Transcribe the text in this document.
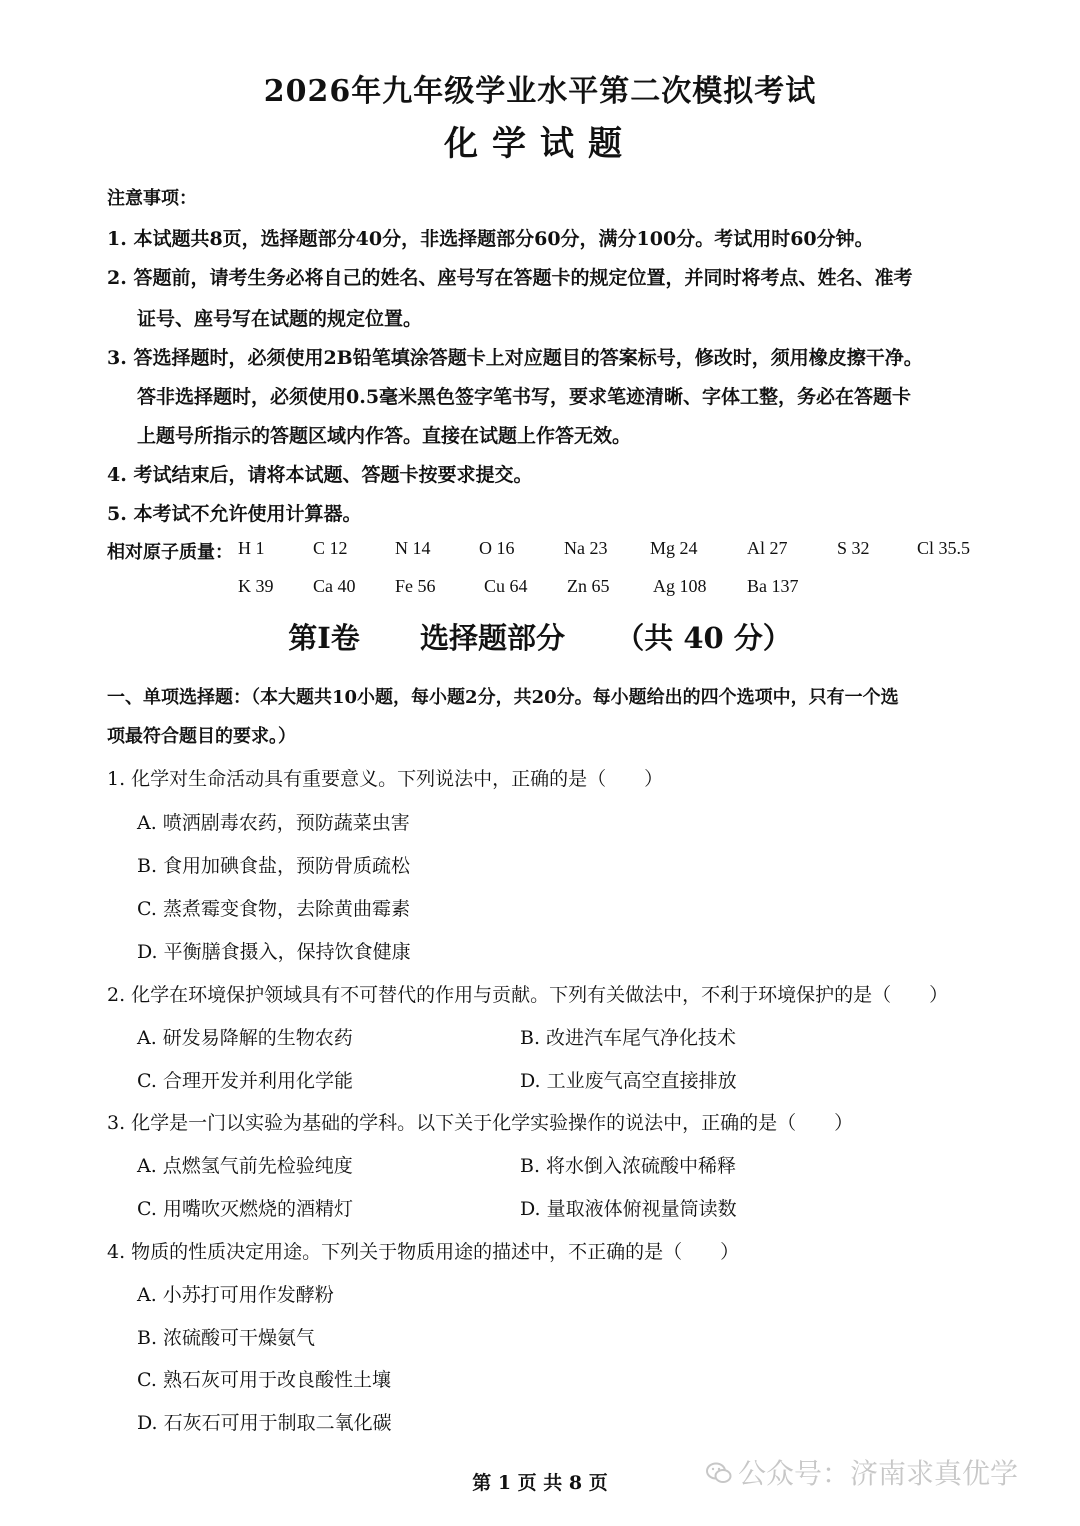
2026年九年级学业水平第二次模拟考试
化学试题
注意事项：
1. 本试题共8页，选择题部分40分，非选择题部分60分，满分100分。考试用时60分钟。
2. 答题前，请考生务必将自己的姓名、座号写在答题卡的规定位置，并同时将考点、姓名、准考
证号、座号写在试题的规定位置。
3. 答选择题时，必须使用2B铅笔填涂答题卡上对应题目的答案标号，修改时，须用橡皮擦干净。
答非选择题时，必须使用0.5毫米黑色签字笔书写，要求笔迹清晰、字体工整，务必在答题卡
上题号所指示的答题区域内作答。直接在试题上作答无效。
4. 考试结束后，请将本试题、答题卡按要求提交。
5. 本考试不允许使用计算器。
相对原子质量： H 1	C 12	N 14	O 16	Na 23 Mg 24	Al 27	S 32	Cl 35.5
K 39 Ca 40 Fe 56	Cu 64 Zn 65 Ag 108 Ba 137
第Ⅰ卷 选择题部分 （共 40 分）
一、单项选择题：（本大题共10小题，每小题2分，共20分。每小题给出的四个选项中，只有一个选
项最符合题目的要求。）
1. 化学对生命活动具有重要意义。下列说法中，正确的是（　　）
A. 喷洒剧毒农药，预防蔬菜虫害
B. 食用加碘食盐，预防骨质疏松
C. 蒸煮霉变食物，去除黄曲霉素
D. 平衡膳食摄入，保持饮食健康
2. 化学在环境保护领域具有不可替代的作用与贡献。下列有关做法中，不利于环境保护的是（　　）
A. 研发易降解的生物农药	B. 改进汽车尾气净化技术
C. 合理开发并利用化学能	D. 工业废气高空直接排放
3. 化学是一门以实验为基础的学科。以下关于化学实验操作的说法中，正确的是（　　）
A. 点燃氢气前先检验纯度	B. 将水倒入浓硫酸中稀释
C. 用嘴吹灭燃烧的酒精灯	D. 量取液体俯视量筒读数
4. 物质的性质决定用途。下列关于物质用途的描述中，不正确的是（　　）
A. 小苏打可用作发酵粉
B. 浓硫酸可干燥氨气
C. 熟石灰可用于改良酸性土壤
D. 石灰石可用于制取二氧化碳
第 1 页 共 8 页	公众号：济南求真优学
